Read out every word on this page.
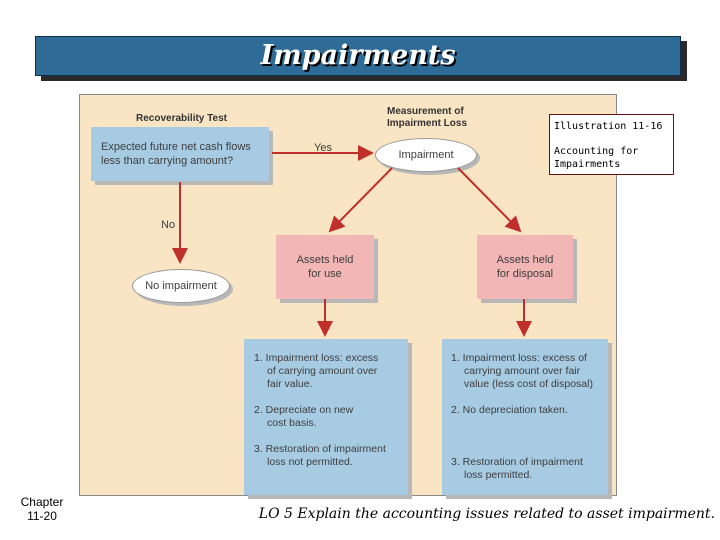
Impairments
Recoverability Test
Measurement of
Impairment Loss
Expected future net cash flows
less than carrying amount?
Yes
No
Impairment
No impairment
Assets held
for use
Assets held
for disposal
1. Impairment loss: excess
of carrying amount over
fair value.
2. Depreciate on new
cost basis.
3. Restoration of impairment
loss not permitted.
1. Impairment loss: excess of
carrying amount over fair
value (less cost of disposal)
2. No depreciation taken.
3. Restoration of impairment
loss permitted.
Illustration 11-16
Accounting for Impairments
Chapter
11-20	LO 5 Explain the accounting issues related to asset impairment.
